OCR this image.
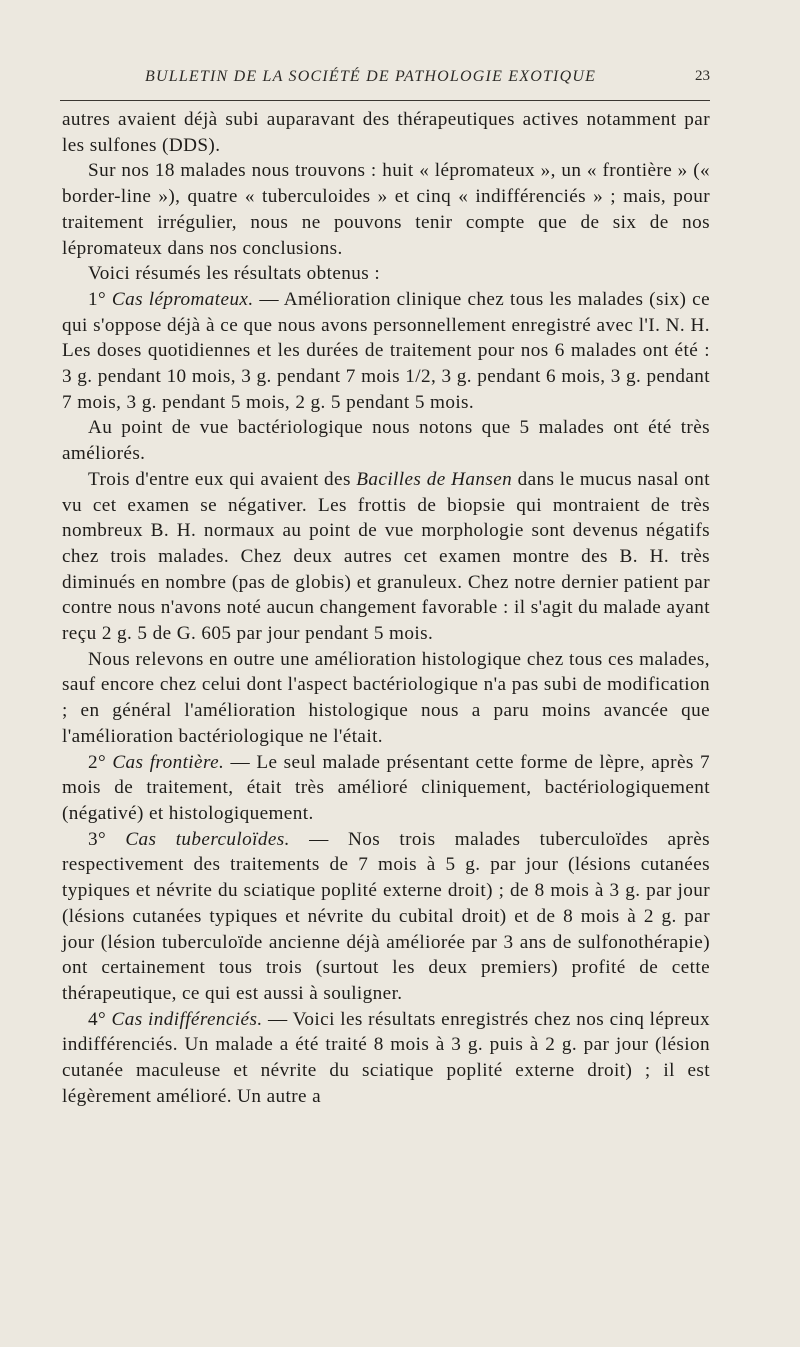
BULLETIN DE LA SOCIÉTÉ DE PATHOLOGIE EXOTIQUE	23

autres avaient déjà subi auparavant des thérapeutiques actives notamment par les sulfones (DDS).

Sur nos 18 malades nous trouvons : huit « lépromateux », un « frontière » (« border-line »), quatre « tuberculoides » et cinq « indifférenciés » ; mais, pour traitement irrégulier, nous ne pouvons tenir compte que de six de nos lépromateux dans nos conclusions.

Voici résumés les résultats obtenus :

1° Cas lépromateux. — Amélioration clinique chez tous les malades (six) ce qui s'oppose déjà à ce que nous avons personnellement enregistré avec l'I. N. H. Les doses quotidiennes et les durées de traitement pour nos 6 malades ont été : 3 g. pendant 10 mois, 3 g. pendant 7 mois 1/2, 3 g. pendant 6 mois, 3 g. pendant 7 mois, 3 g. pendant 5 mois, 2 g. 5 pendant 5 mois.

Au point de vue bactériologique nous notons que 5 malades ont été très améliorés.

Trois d'entre eux qui avaient des Bacilles de Hansen dans le mucus nasal ont vu cet examen se négativer. Les frottis de biopsie qui montraient de très nombreux B. H. normaux au point de vue morphologie sont devenus négatifs chez trois malades. Chez deux autres cet examen montre des B. H. très diminués en nombre (pas de globis) et granuleux. Chez notre dernier patient par contre nous n'avons noté aucun changement favorable : il s'agit du malade ayant reçu 2 g. 5 de G. 605 par jour pendant 5 mois.

Nous relevons en outre une amélioration histologique chez tous ces malades, sauf encore chez celui dont l'aspect bactériologique n'a pas subi de modification ; en général l'amélioration histologique nous a paru moins avancée que l'amélioration bactériologique ne l'était.

2° Cas frontière. — Le seul malade présentant cette forme de lèpre, après 7 mois de traitement, était très amélioré cliniquement, bactériologiquement (négativé) et histologiquement.

3° Cas tuberculoïdes. — Nos trois malades tuberculoïdes après respectivement des traitements de 7 mois à 5 g. par jour (lésions cutanées typiques et névrite du sciatique poplité externe droit) ; de 8 mois à 3 g. par jour (lésions cutanées typiques et névrite du cubital droit) et de 8 mois à 2 g. par jour (lésion tuberculoïde ancienne déjà améliorée par 3 ans de sulfonothérapie) ont certainement tous trois (surtout les deux premiers) profité de cette thérapeutique, ce qui est aussi à souligner.

4° Cas indifférenciés. — Voici les résultats enregistrés chez nos cinq lépreux indifférenciés. Un malade a été traité 8 mois à 3 g. puis à 2 g. par jour (lésion cutanée maculeuse et névrite du sciatique poplité externe droit) ; il est légèrement amélioré. Un autre a
